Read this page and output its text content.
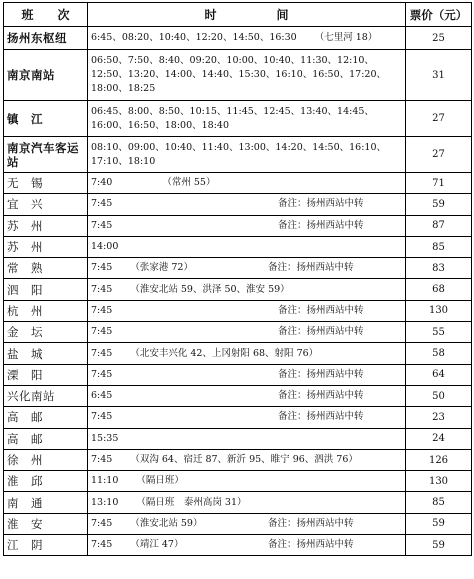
班　　次	时　　　　　间	票价（元）
扬州东枢纽	6:45、08:20、10:40、12:20、14:50、16:30 （七里河 18）	25
南京南站	06:50、7:50、8:40、09:20、10:00、10:40、11:30、12:10、12:50、13:20、14:00、14:40、15:30、16:10、16:50、17:20、18:00、18:25	31
镇　江	06:45、8:00、8:50、10:15、11:45、12:45、13:40、14:45、16:00、16:50、18:00、18:40	27
南京汽车客运站	08:10、09:00、10:40、11:40、13:00、14:20、14:50、16:10、17:10、18:10	27
无　锡	7:40 （常州 55）	71
宜　兴	7:45 备注：扬州西站中转	59
苏　州	7:45 备注：扬州西站中转	87
苏　州	14:00	85
常　熟	7:45 （张家港 72） 备注：扬州西站中转	83
泗　阳	7:45 （淮安北站 59、洪泽 50、淮安 59）	68
杭　州	7:45 备注：扬州西站中转	130
金　坛	7:45 备注：扬州西站中转	55
盐　城	7:45 （北安丰兴化 42、上冈射阳 68、射阳 76）	58
溧　阳	7:45 备注：扬州西站中转	64
兴化南站	6:45 备注：扬州西站中转	50
高　邮	7:45 备注：扬州西站中转	23
高　邮	15:35	24
徐　州	7:45 （双沟 64、宿迁 87、新沂 95、睢宁 96、泗洪 76）	126
淮　邱	11:10 （隔日班）	130
南　通	13:10 （隔日班　泰州高岗 31）	85
淮　安	7:45 （淮安北站 59） 备注：扬州西站中转	59
江　阴	7:45 （靖江 47） 备注：扬州西站中转	59
